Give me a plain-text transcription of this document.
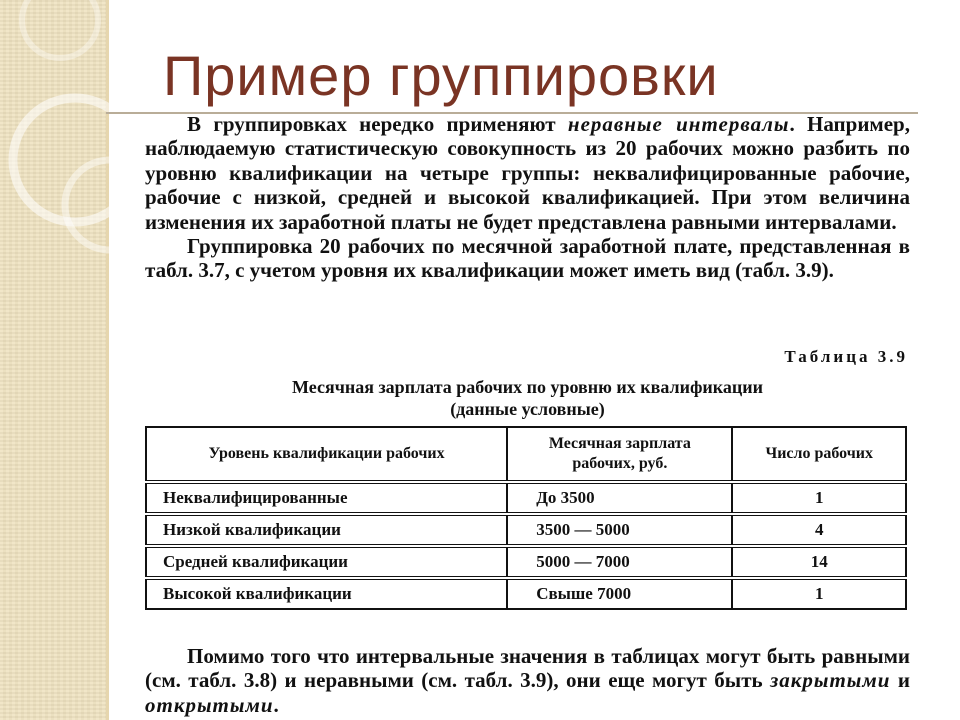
Пример группировки

В группировках нередко применяют неравные интервалы. Например, наблюдаемую статистическую совокупность из 20 рабочих можно разбить по уровню квалификации на четыре группы: неквалифицированные рабочие, рабочие с низкой, средней и высокой квалификацией. При этом величина изменения их заработной платы не будет представлена равными интервалами.

Группировка 20 рабочих по месячной заработной плате, представленная в табл. 3.7, с учетом уровня их квалификации может иметь вид (табл. 3.9).

Таблица 3.9
Месячная зарплата рабочих по уровню их квалификации
(данные условные)
Уровень квалификации рабочих	Месячная зарплата рабочих, руб.	Число рабочих
Неквалифицированные	До 3500	1
Низкой квалификации	3500 — 5000	4
Средней квалификации	5000 — 7000	14
Высокой квалификации	Свыше 7000	1

Помимо того что интервальные значения в таблицах могут быть равными (см. табл. 3.8) и неравными (см. табл. 3.9), они еще могут быть закрытыми и открытыми.
